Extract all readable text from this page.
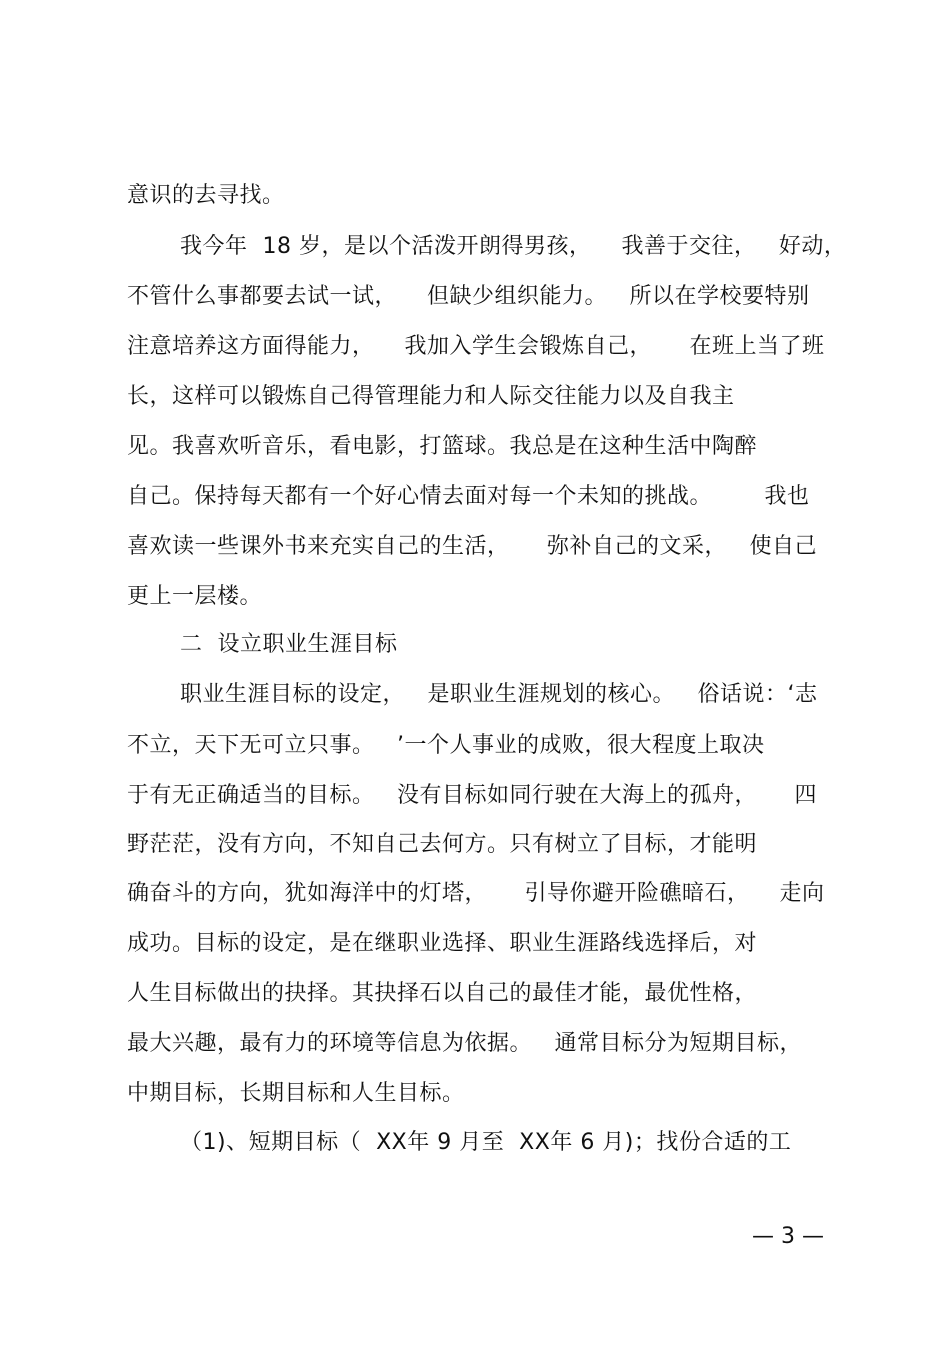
意识的去寻找。
我今年  18 岁，是以个活泼开朗得男孩，    我善于交往，   好动，
不管什么事都要去试一试，    但缺少组织能力。   所以在学校要特别
注意培养这方面得能力，    我加入学生会锻炼自己，     在班上当了班
长，这样可以锻炼自己得管理能力和人际交往能力以及自我主
见。我喜欢听音乐，看电影，打篮球。我总是在这种生活中陶醉
自己。保持每天都有一个好心情去面对每一个未知的挑战。       我也
喜欢读一些课外书来充实自己的生活，     弥补自己的文采，   使自己
更上一层楼。
二  设立职业生涯目标
职业生涯目标的设定，   是职业生涯规划的核心。   俗话说：‘志
不立，天下无可立只事。   ’一个人事业的成败，很大程度上取决
于有无正确适当的目标。   没有目标如同行驶在大海上的孤舟，     四
野茫茫，没有方向，不知自己去何方。只有树立了目标，才能明
确奋斗的方向，犹如海洋中的灯塔，     引导你避开险礁暗石，    走向
成功。目标的设定，是在继职业选择、职业生涯路线选择后，对
人生目标做出的抉择。其抉择石以自己的最佳才能，最优性格，
最大兴趣，最有力的环境等信息为依据。   通常目标分为短期目标，
中期目标，长期目标和人生目标。
（1)、短期目标（  XX年 9 月至  XX年 6 月)；找份合适的工
— 3 —
